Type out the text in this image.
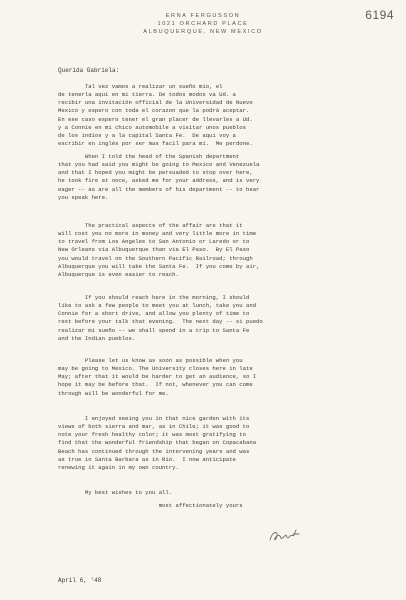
6194
ERNA FERGUSSON
1021 ORCHARD PLACE
ALBUQUERQUE, NEW MEXICO
Querida Gabriela:
Tal vez vamos a realizar un sueño mio, el
de tenerla aqui en mi tierra. De todos modos va Ud. a
recibir una invitación official de la Universidad de Nuevo
Mexico y espero con toda el corazon que la podrá aceptar.
En ese caso espero tener el gran placer de llevarles a Ud.
y a Connie en mi chico automobile a visitar unos pueblos
de los indios y a la capital Santa Fe.  De aquí voy a
escribir en inglés por ser mas facil para mí.  Me perdone.
When I told the head of the Spanish department
that you had said you might be going to Mexico and Venezuela
and that I hoped you might be persuaded to stop over here,
he took fire at once, asked me for your address, and is very
eager -- as are all the members of his department -- to hear
you speak here.
The practical aspects of the affair are that it
will cost you no more in money and very little more in time
to travel from Los Angeles to San Antonio or Laredo or to
New Orleans via Albuquerque than via El Paso.  By El Paso
you would travel on the Southern Pacific Railroad; through
Albuquerque you will take the Santa Fe.  If you come by air,
Albuquerque is even easier to reach.
If you should reach here in the morning, I should
like to ask a few people to meet you at lunch, take you and
Connie for a short drive, and allow you plenty of time to
rest before your talk that evening.  The next day -- si puedo
realizar mi sueño -- we shall spend in a trip to Santa Fe
and the Indian pueblos.
Please let us know as soon as possible when you
may be going to Mexico. The University closes here in late
May; after that it would be harder to get an audience, so I
hope it may be before that.  If not, whenever you can come
through will be wonderful for me.
I enjoyed seeing you in that nice garden with its
views of both sierra and mar, as in Chile; it was good to
note your fresh healthy color; it was most gratifying to
find that the wonderful friendship that began on Copacabana
Beach has continued through the intervening years and was
as true in Santa Barbara as in Rio.  I now anticipate
renewing it again in my own country.
My best wishes to you all.
most affectionately yours
April 6, '48
